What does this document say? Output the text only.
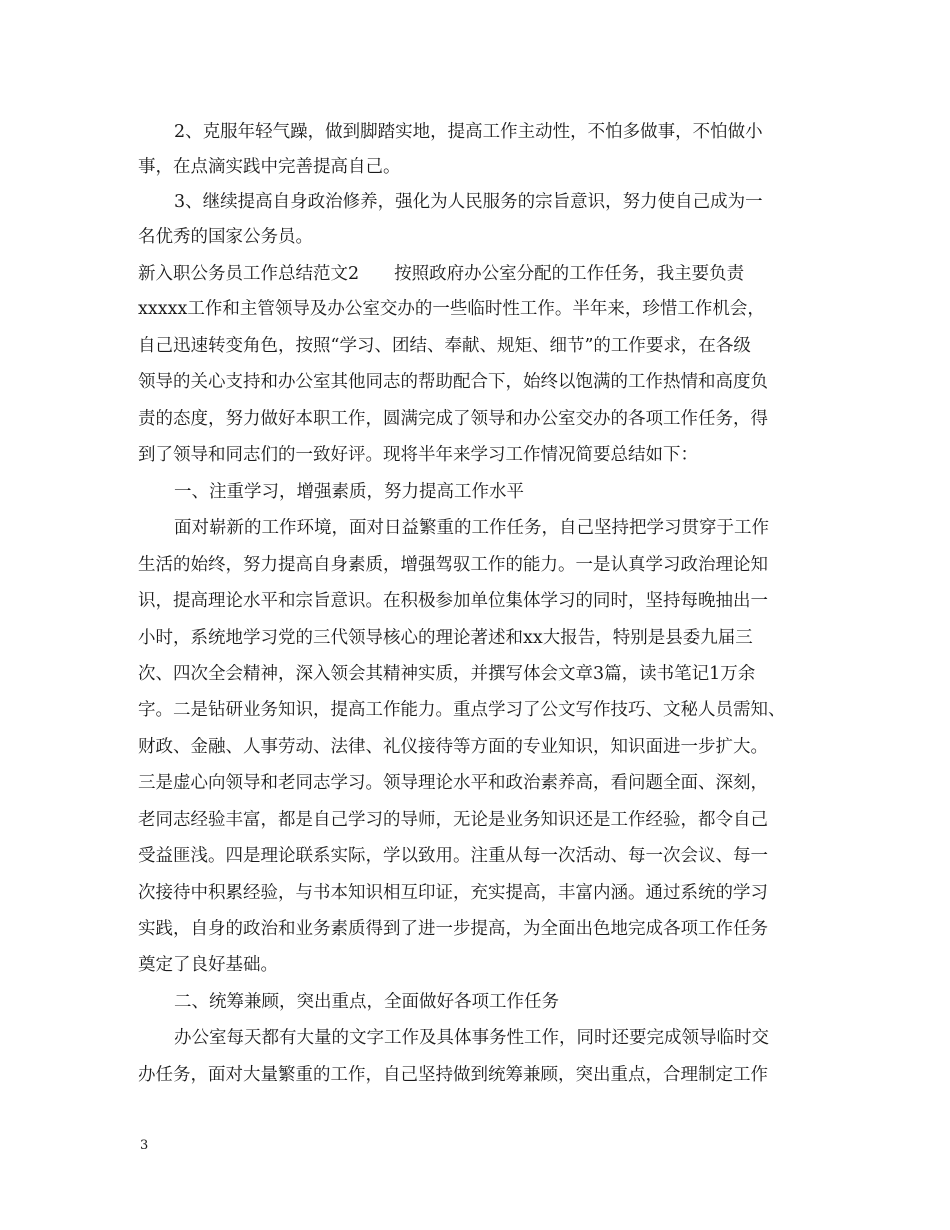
2、克服年轻气躁，做到脚踏实地，提高工作主动性，不怕多做事，不怕做小
事，在点滴实践中完善提高自己。
3、继续提高自身政治修养，强化为人民服务的宗旨意识，努力使自己成为一
名优秀的国家公务员。
新入职公务员工作总结范文2　　按照政府办公室分配的工作任务，我主要负责
xxxxx工作和主管领导及办公室交办的一些临时性工作。半年来，珍惜工作机会，
自己迅速转变角色，按照“学习、团结、奉献、规矩、细节”的工作要求，在各级
领导的关心支持和办公室其他同志的帮助配合下，始终以饱满的工作热情和高度负
责的态度，努力做好本职工作，圆满完成了领导和办公室交办的各项工作任务，得
到了领导和同志们的一致好评。现将半年来学习工作情况简要总结如下：
一、注重学习，增强素质，努力提高工作水平
面对崭新的工作环境，面对日益繁重的工作任务，自己坚持把学习贯穿于工作
生活的始终，努力提高自身素质，增强驾驭工作的能力。一是认真学习政治理论知
识，提高理论水平和宗旨意识。在积极参加单位集体学习的同时，坚持每晚抽出一
小时，系统地学习党的三代领导核心的理论著述和xx大报告，特别是县委九届三
次、四次全会精神，深入领会其精神实质，并撰写体会文章3篇，读书笔记1万余
字。二是钻研业务知识，提高工作能力。重点学习了公文写作技巧、文秘人员需知、
财政、金融、人事劳动、法律、礼仪接待等方面的专业知识，知识面进一步扩大。
三是虚心向领导和老同志学习。领导理论水平和政治素养高，看问题全面、深刻，
老同志经验丰富，都是自己学习的导师，无论是业务知识还是工作经验，都令自己
受益匪浅。四是理论联系实际，学以致用。注重从每一次活动、每一次会议、每一
次接待中积累经验，与书本知识相互印证，充实提高，丰富内涵。通过系统的学习
实践，自身的政治和业务素质得到了进一步提高，为全面出色地完成各项工作任务
奠定了良好基础。
二、统筹兼顾，突出重点，全面做好各项工作任务
办公室每天都有大量的文字工作及具体事务性工作，同时还要完成领导临时交
办任务，面对大量繁重的工作，自己坚持做到统筹兼顾，突出重点，合理制定工作
3
